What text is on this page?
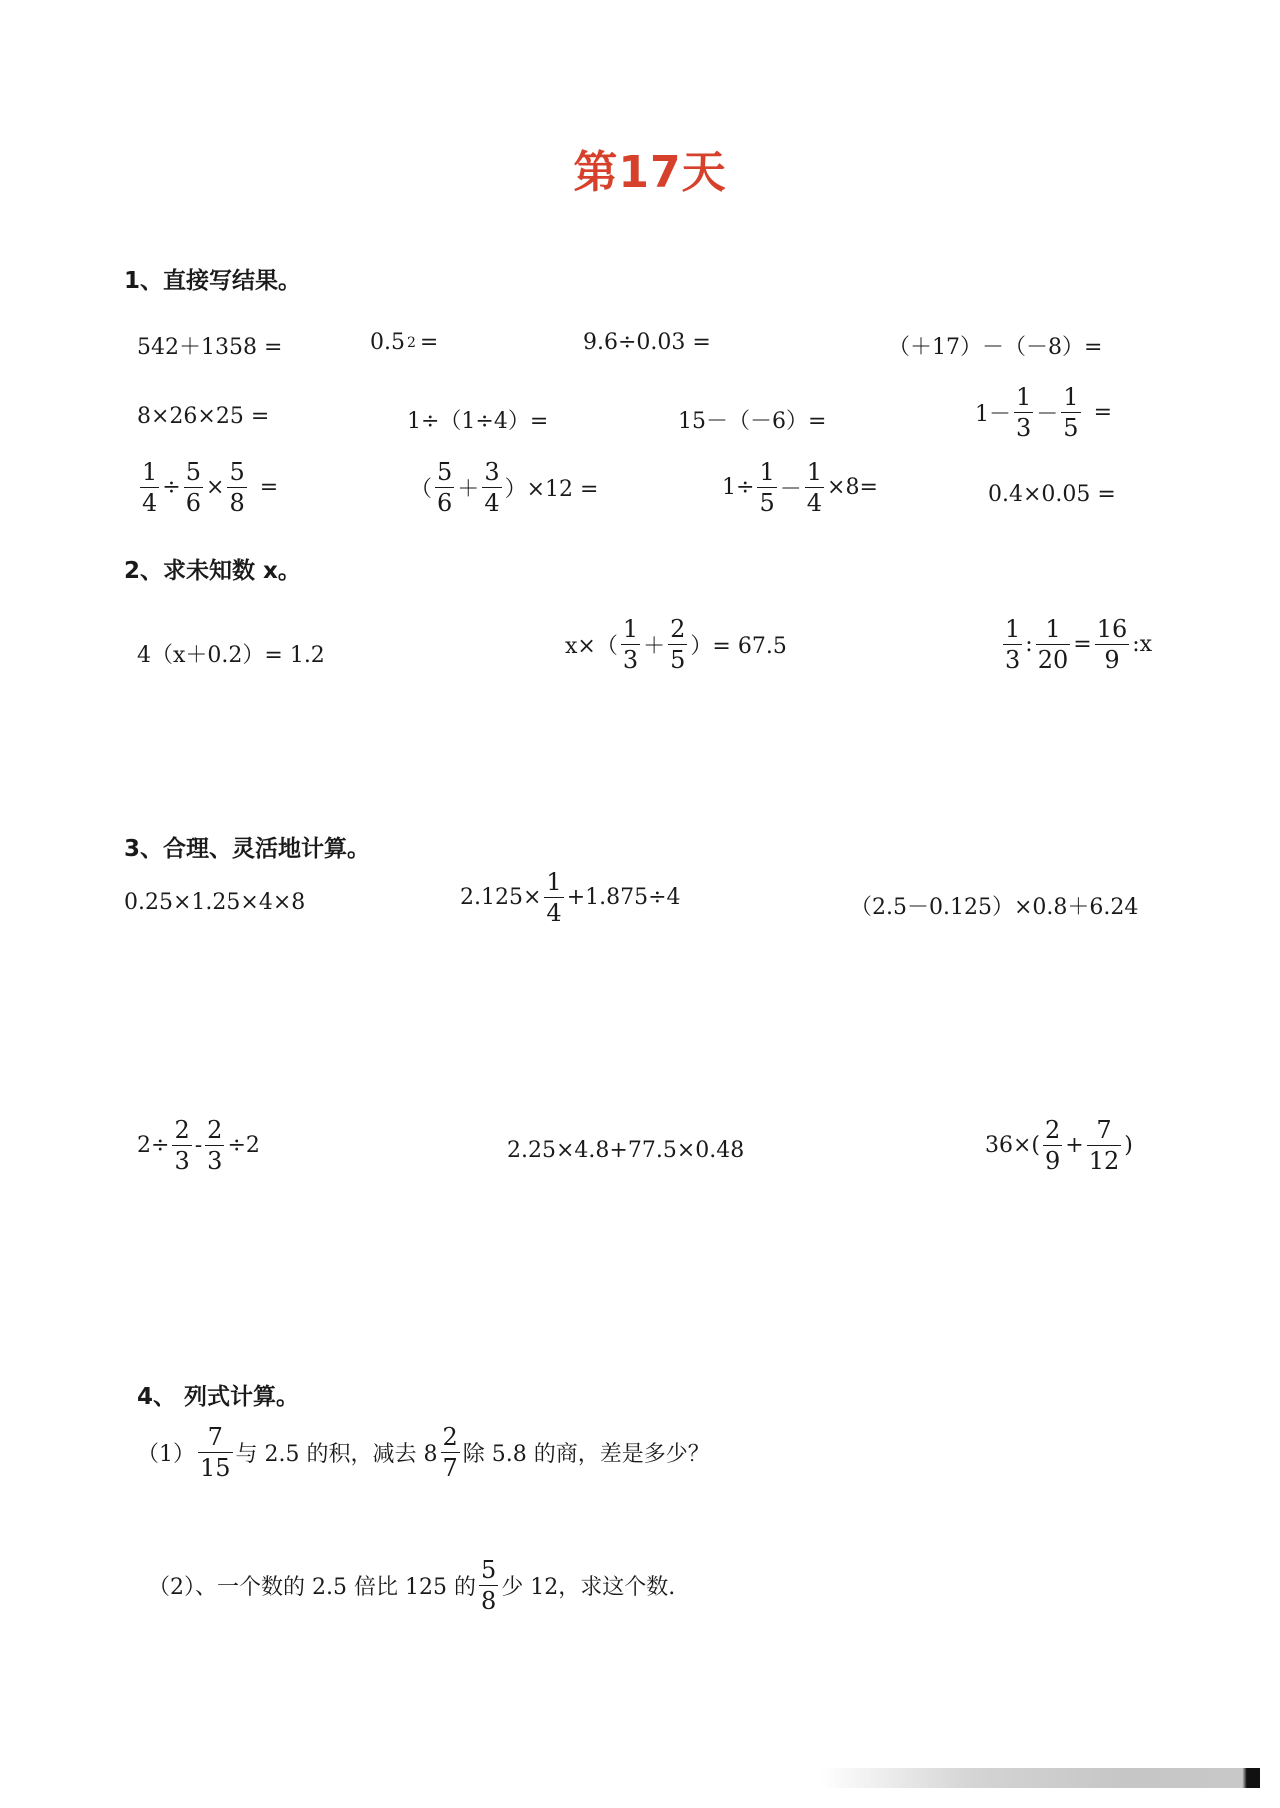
第17天
1、直接写结果。
542＋1358 =	0.5 2 =	9.6÷0.03 =	（＋17）－（－8）=
8×26×25 =	1÷（1÷4）=	15－（－6）=	$1- \frac{1}{3} - \frac{1}{5}$ =
$\frac{1}{4} \div \frac{5}{6} \times \frac{5}{8}$ =	（ $\frac{5}{6} + \frac{3}{4} )\times 12$ =	$1\div \frac{1}{5} - \frac{1}{4} \times 8=$	0.4×0.05 =
2、求未知数 x。
4（x＋0.2）= 1.2	$x\times( \frac{1}{3} + \frac{2}{5}$ ）= 67.5	$\frac{1}{3}$ : $\frac{1}{20} = \frac{16}{9}$ :x
3、合理、灵活地计算。
0.25×1.25×4×8	$2.125\times \frac{1}{4} +1.875\div 4$	（2.5－0.125）×0.8＋6.24
$2\div \frac{2}{3} - \frac{2}{3} \div 2$	2.25×4.8+77.5×0.48	$36\times( \frac{2}{9} + \frac{7}{12}$ )
4、 列式计算。
$(1) \frac{7}{15}$ 与 2.5 的积，减去 $8 \frac{2}{7}$ 除 5.8 的商，差是多少？
（2）、一个数的 2.5 倍比 125 的 $\frac{5}{8}$ 少 12，求这个数.
